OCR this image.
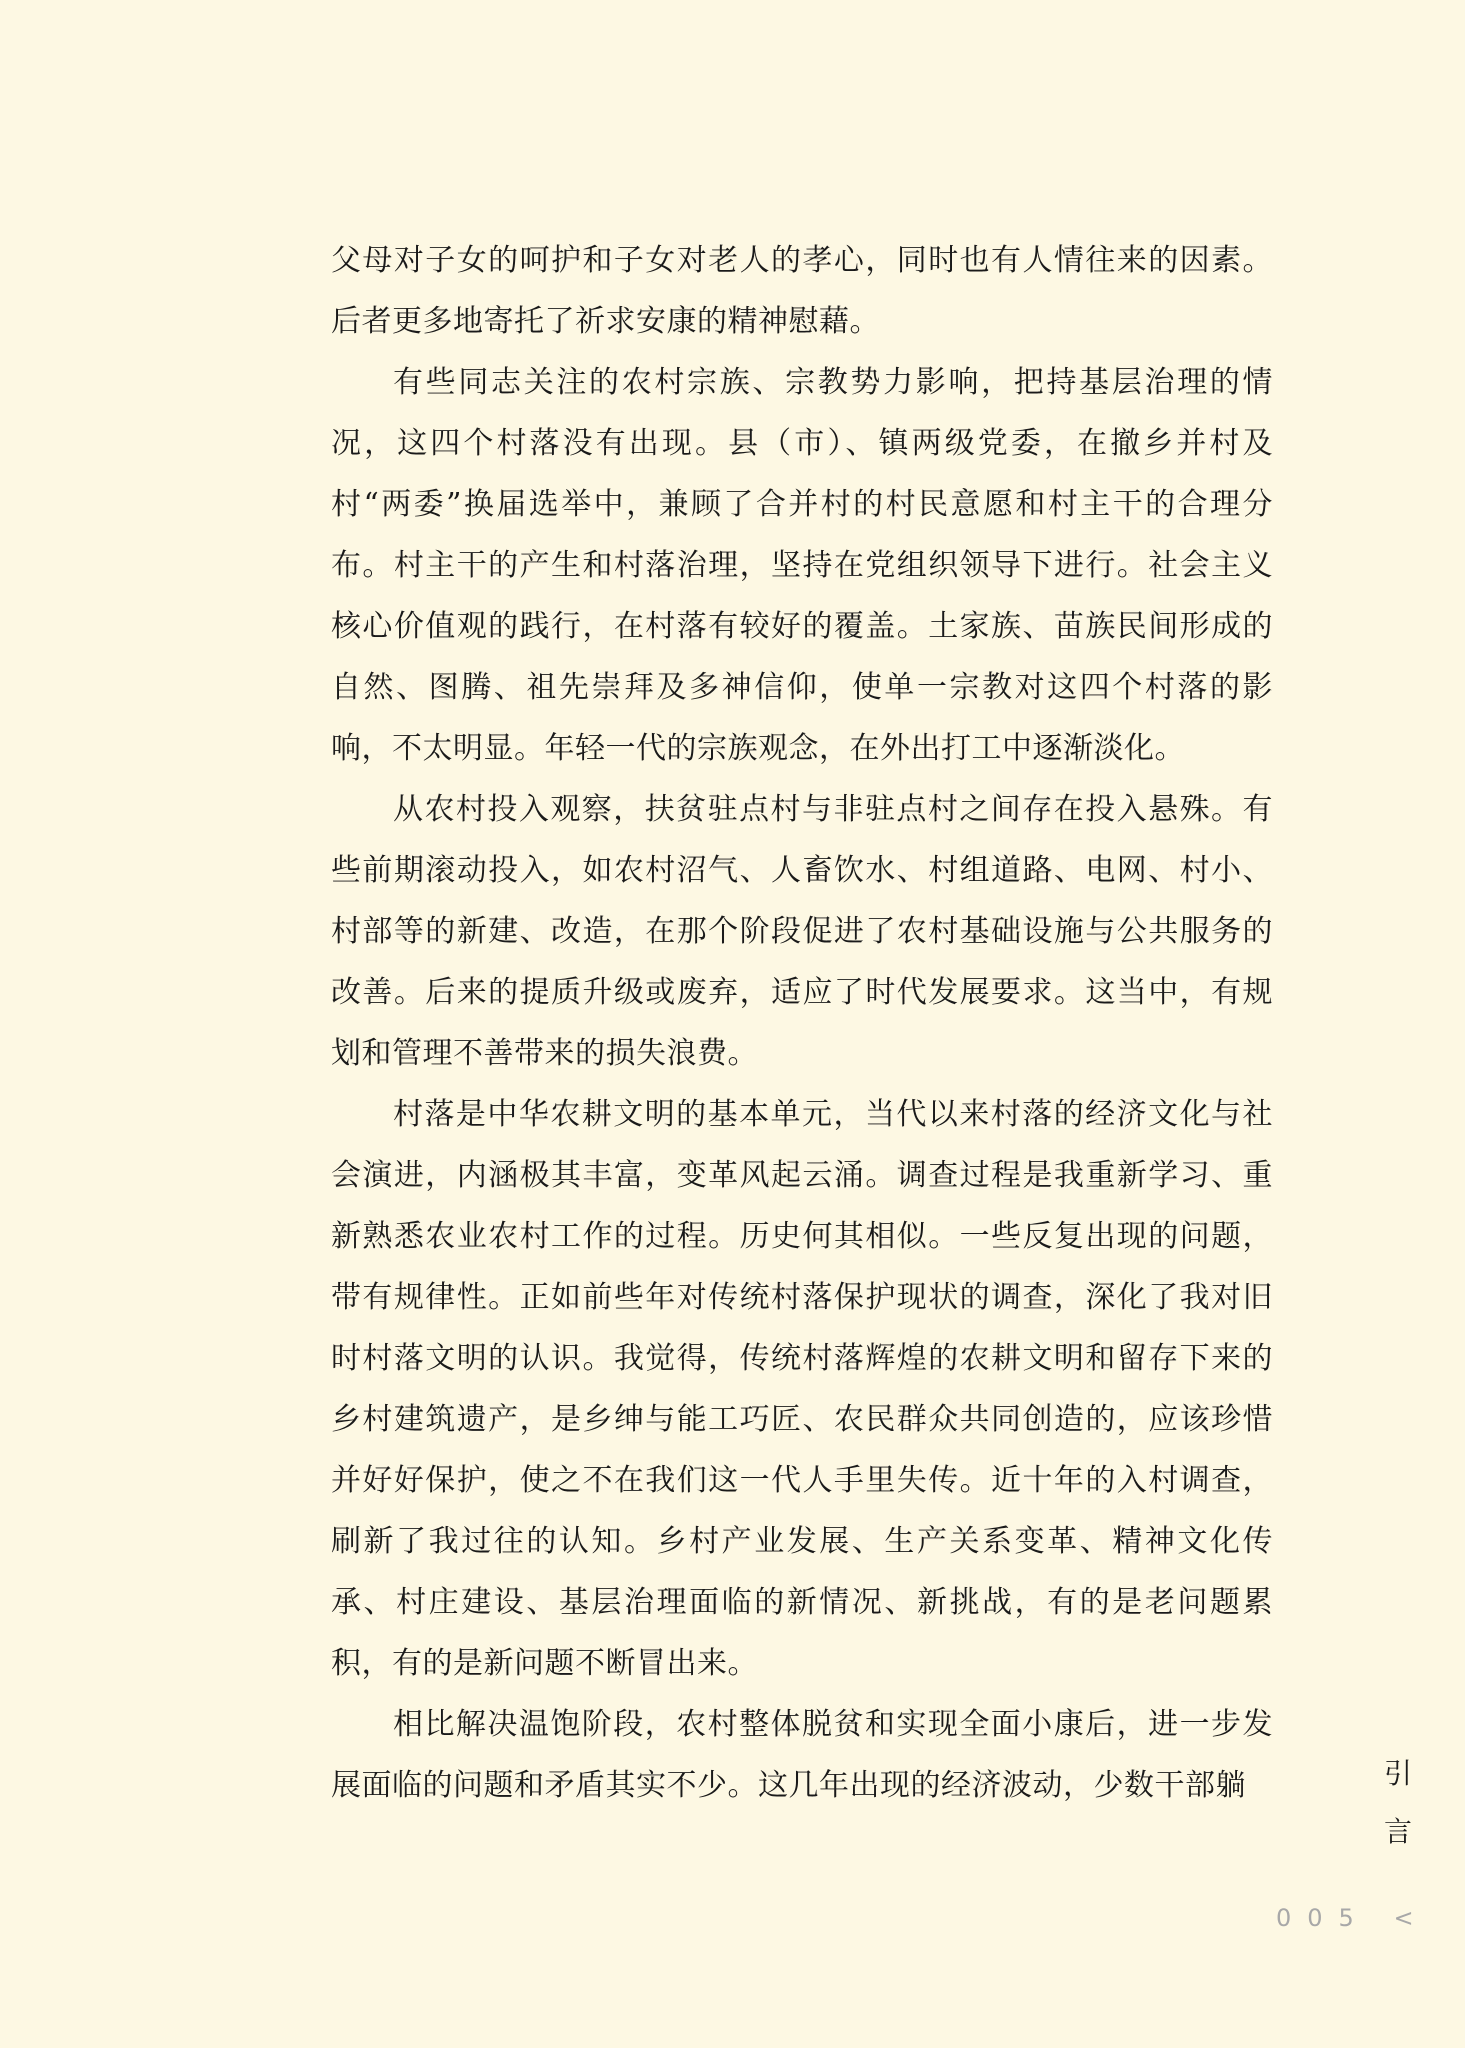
父母对子女的呵护和子女对老人的孝心，同时也有人情往来的因素。后者更多地寄托了祈求安康的精神慰藉。

有些同志关注的农村宗族、宗教势力影响，把持基层治理的情况，这四个村落没有出现。县（市）、镇两级党委，在撤乡并村及村“两委”换届选举中，兼顾了合并村的村民意愿和村主干的合理分布。村主干的产生和村落治理，坚持在党组织领导下进行。社会主义核心价值观的践行，在村落有较好的覆盖。土家族、苗族民间形成的自然、图腾、祖先崇拜及多神信仰，使单一宗教对这四个村落的影响，不太明显。年轻一代的宗族观念，在外出打工中逐渐淡化。

从农村投入观察，扶贫驻点村与非驻点村之间存在投入悬殊。有些前期滚动投入，如农村沼气、人畜饮水、村组道路、电网、村小、村部等的新建、改造，在那个阶段促进了农村基础设施与公共服务的改善。后来的提质升级或废弃，适应了时代发展要求。这当中，有规划和管理不善带来的损失浪费。

村落是中华农耕文明的基本单元，当代以来村落的经济文化与社会演进，内涵极其丰富，变革风起云涌。调查过程是我重新学习、重新熟悉农业农村工作的过程。历史何其相似。一些反复出现的问题，带有规律性。正如前些年对传统村落保护现状的调查，深化了我对旧时村落文明的认识。我觉得，传统村落辉煌的农耕文明和留存下来的乡村建筑遗产，是乡绅与能工巧匠、农民群众共同创造的，应该珍惜并好好保护，使之不在我们这一代人手里失传。近十年的入村调查，刷新了我过往的认知。乡村产业发展、生产关系变革、精神文化传承、村庄建设、基层治理面临的新情况、新挑战，有的是老问题累积，有的是新问题不断冒出来。

相比解决温饱阶段，农村整体脱贫和实现全面小康后，进一步发展面临的问题和矛盾其实不少。这几年出现的经济波动，少数干部躺	引
言
005 <
